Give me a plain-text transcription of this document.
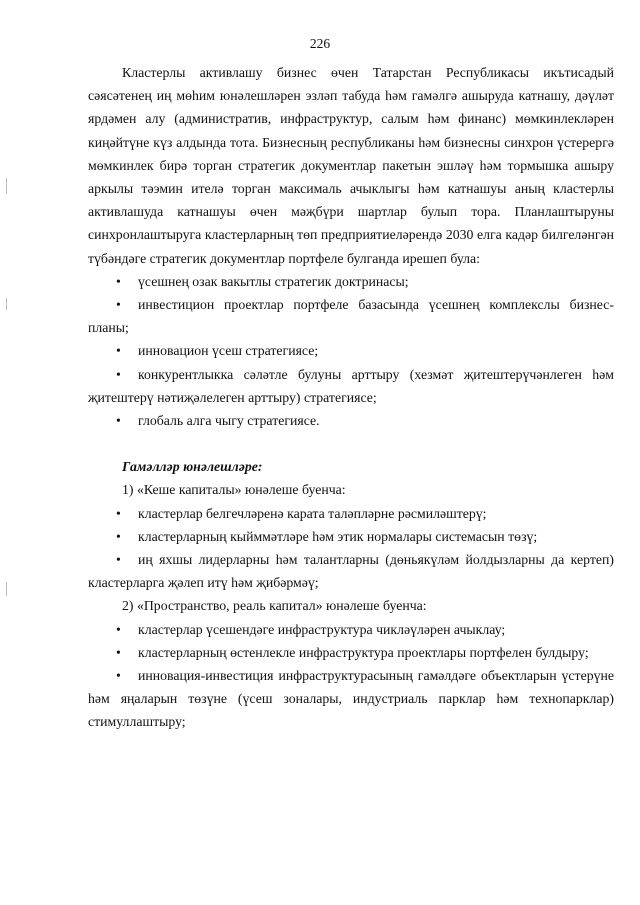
226

Кластерлы активлашу бизнес өчен Татарстан Республикасы икътисадый сәясәтенең иң мөһим юнәлешләрен эзләп табуда һәм гамәлгә ашыруда катнашу, дәүләт ярдәмен алу (административ, инфраструктур, салым һәм финанс) мөмкинлекләрен киңәйтүне күз алдында тота. Бизнесның республиканы һәм бизнесны синхрон үстерергә мөмкинлек бирә торган стратегик документлар пакетын эшләү һәм тормышка ашыру аркылы тәэмин ителә торган максималь ачыклыгы һәм катнашуы аның кластерлы активлашуда катнашуы өчен мәҗбүри шартлар булып тора. Планлаштыруны синхронлаштыруга кластерларның төп предприятиеләрендә 2030 елга кадәр билгеләнгән түбәндәге стратегик документлар портфеле булганда ирешеп була:

• үсешнең озак вакытлы стратегик доктринасы;

• инвестицион проектлар портфеле базасында үсешнең комплекслы бизнес-планы;

• инновацион үсеш стратегиясе;

• конкурентлыкка сәләтле булуны арттыру (хезмәт җитештерүчәнлеген һәм җитештерү нәтиҗәлелеген арттыру) стратегиясе;

• глобаль алга чыгу стратегиясе.

Гамәлләр юнәлешләре:

1) «Кеше капиталы» юнәлеше буенча:

• кластерлар белгечләренә карата таләпләрне рәсмиләштерү;

• кластерларның кыйммәтләре һәм этик нормалары системасын төзү;

• иң яхшы лидерларны һәм талантларны (дөньякүләм йолдызларны да кертеп) кластерларга җәлеп итү һәм җибәрмәү;

2) «Пространство, реаль капитал» юнәлеше буенча:

• кластерлар үсешендәге инфраструктура чикләүләрен ачыклау;

• кластерларның өстенлекле инфраструктура проектлары портфелен булдыру;

• инновация-инвестиция инфраструктурасының гамәлдәге объектларын үстерүне һәм яңаларын төзүне (үсеш зоналары, индустриаль парклар һәм технопарклар) стимуллаштыру;
